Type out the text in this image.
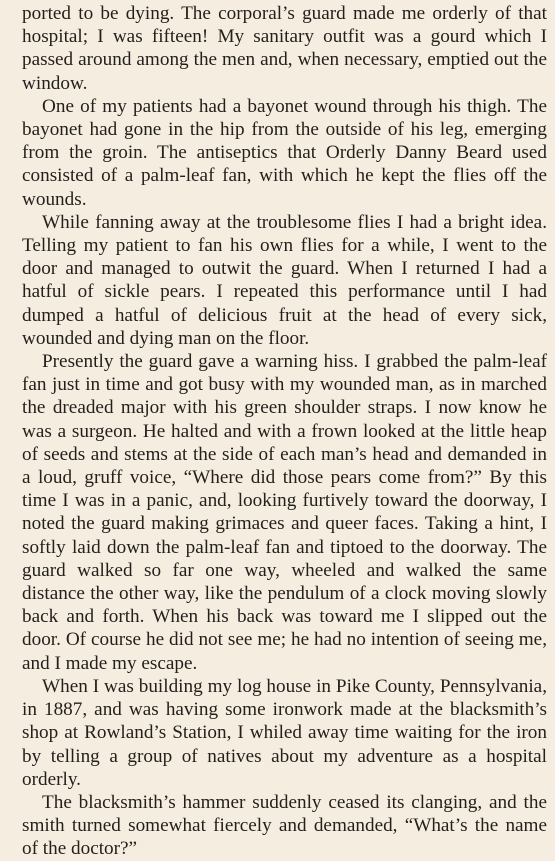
ported to be dying. The corporal’s guard made me orderly of that hospital; I was fifteen! My sanitary outfit was a gourd which I passed around among the men and, when necessary, emptied out the window.

One of my patients had a bayonet wound through his thigh. The bayonet had gone in the hip from the outside of his leg, emerging from the groin. The antiseptics that Orderly Danny Beard used consisted of a palm-leaf fan, with which he kept the flies off the wounds.

While fanning away at the troublesome flies I had a bright idea. Telling my patient to fan his own flies for a while, I went to the door and managed to outwit the guard. When I returned I had a hatful of sickle pears. I repeated this performance until I had dumped a hatful of delicious fruit at the head of every sick, wounded and dying man on the floor.

Presently the guard gave a warning hiss. I grabbed the palm-leaf fan just in time and got busy with my wounded man, as in marched the dreaded major with his green shoulder straps. I now know he was a surgeon. He halted and with a frown looked at the little heap of seeds and stems at the side of each man’s head and demanded in a loud, gruff voice, “Where did those pears come from?” By this time I was in a panic, and, looking furtively toward the doorway, I noted the guard making grimaces and queer faces. Taking a hint, I softly laid down the palm-leaf fan and tiptoed to the doorway. The guard walked so far one way, wheeled and walked the same distance the other way, like the pendulum of a clock moving slowly back and forth. When his back was toward me I slipped out the door. Of course he did not see me; he had no intention of seeing me, and I made my escape.

When I was building my log house in Pike County, Pennsylvania, in 1887, and was having some ironwork made at the blacksmith’s shop at Rowland’s Station, I whiled away time waiting for the iron by telling a group of natives about my adventure as a hospital orderly.

The blacksmith’s hammer suddenly ceased its clanging, and the smith turned somewhat fiercely and demanded, “What’s the name of the doctor?”
